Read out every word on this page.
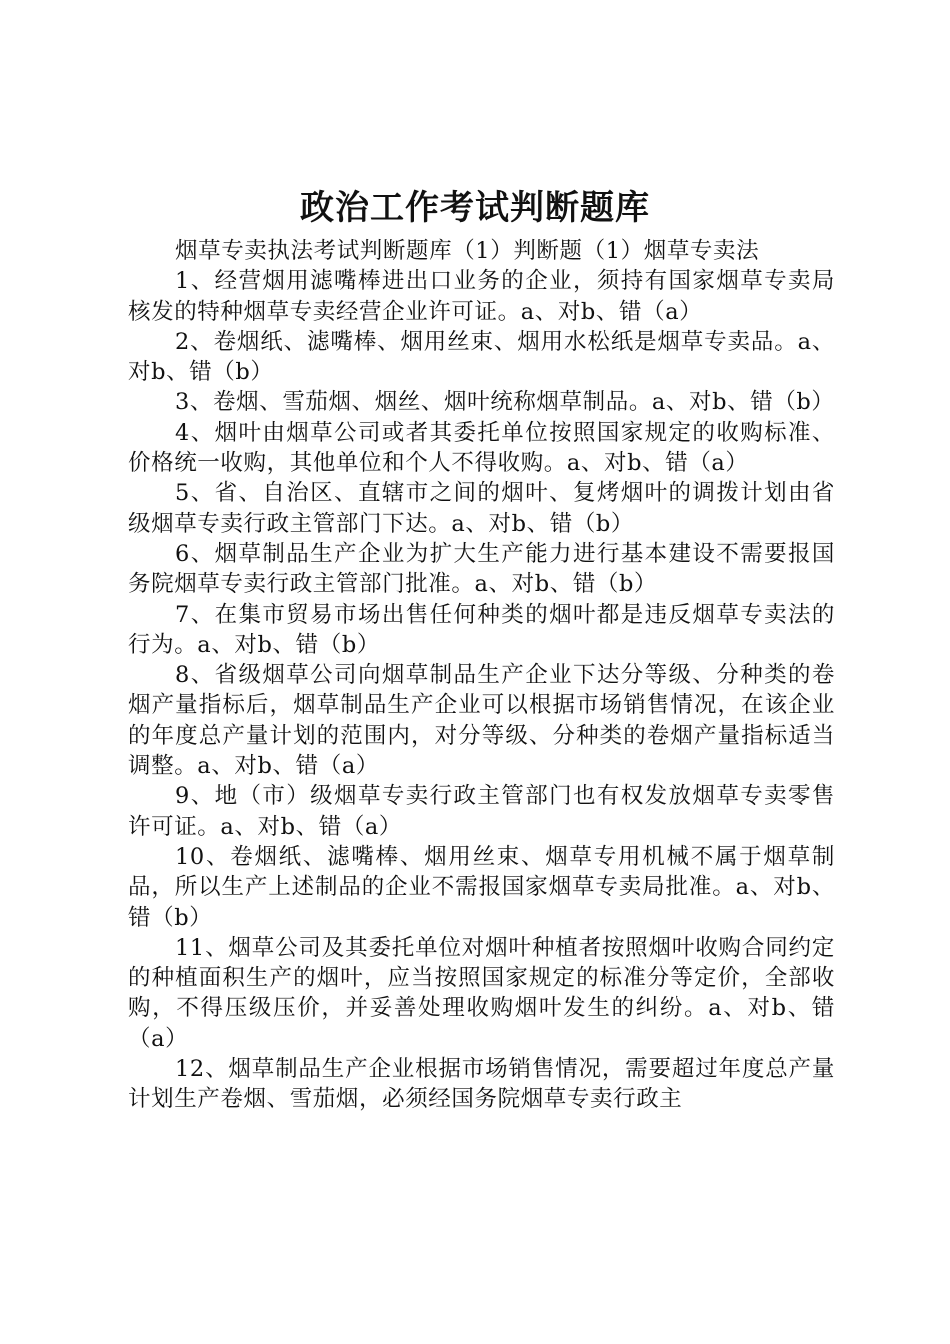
政治工作考试判断题库

烟草专卖执法考试判断题库（1）判断题（1）烟草专卖法

1、经营烟用滤嘴棒进出口业务的企业，须持有国家烟草专卖局核发的特种烟草专卖经营企业许可证。a、对b、错（a）

2、卷烟纸、滤嘴棒、烟用丝束、烟用水松纸是烟草专卖品。a、对b、错（b）

3、卷烟、雪茄烟、烟丝、烟叶统称烟草制品。a、对b、错（b）

4、烟叶由烟草公司或者其委托单位按照国家规定的收购标准、价格统一收购，其他单位和个人不得收购。a、对b、错（a）

5、省、自治区、直辖市之间的烟叶、复烤烟叶的调拨计划由省级烟草专卖行政主管部门下达。a、对b、错（b）

6、烟草制品生产企业为扩大生产能力进行基本建设不需要报国务院烟草专卖行政主管部门批准。a、对b、错（b）

7、在集市贸易市场出售任何种类的烟叶都是违反烟草专卖法的行为。a、对b、错（b）

8、省级烟草公司向烟草制品生产企业下达分等级、分种类的卷烟产量指标后，烟草制品生产企业可以根据市场销售情况，在该企业的年度总产量计划的范围内，对分等级、分种类的卷烟产量指标适当调整。a、对b、错（a）

9、地（市）级烟草专卖行政主管部门也有权发放烟草专卖零售许可证。a、对b、错（a）

10、卷烟纸、滤嘴棒、烟用丝束、烟草专用机械不属于烟草制品，所以生产上述制品的企业不需报国家烟草专卖局批准。a、对b、错（b）

11、烟草公司及其委托单位对烟叶种植者按照烟叶收购合同约定的种植面积生产的烟叶，应当按照国家规定的标准分等定价，全部收购，不得压级压价，并妥善处理收购烟叶发生的纠纷。a、对b、错（a）

12、烟草制品生产企业根据市场销售情况，需要超过年度总产量计划生产卷烟、雪茄烟，必须经国务院烟草专卖行政主
